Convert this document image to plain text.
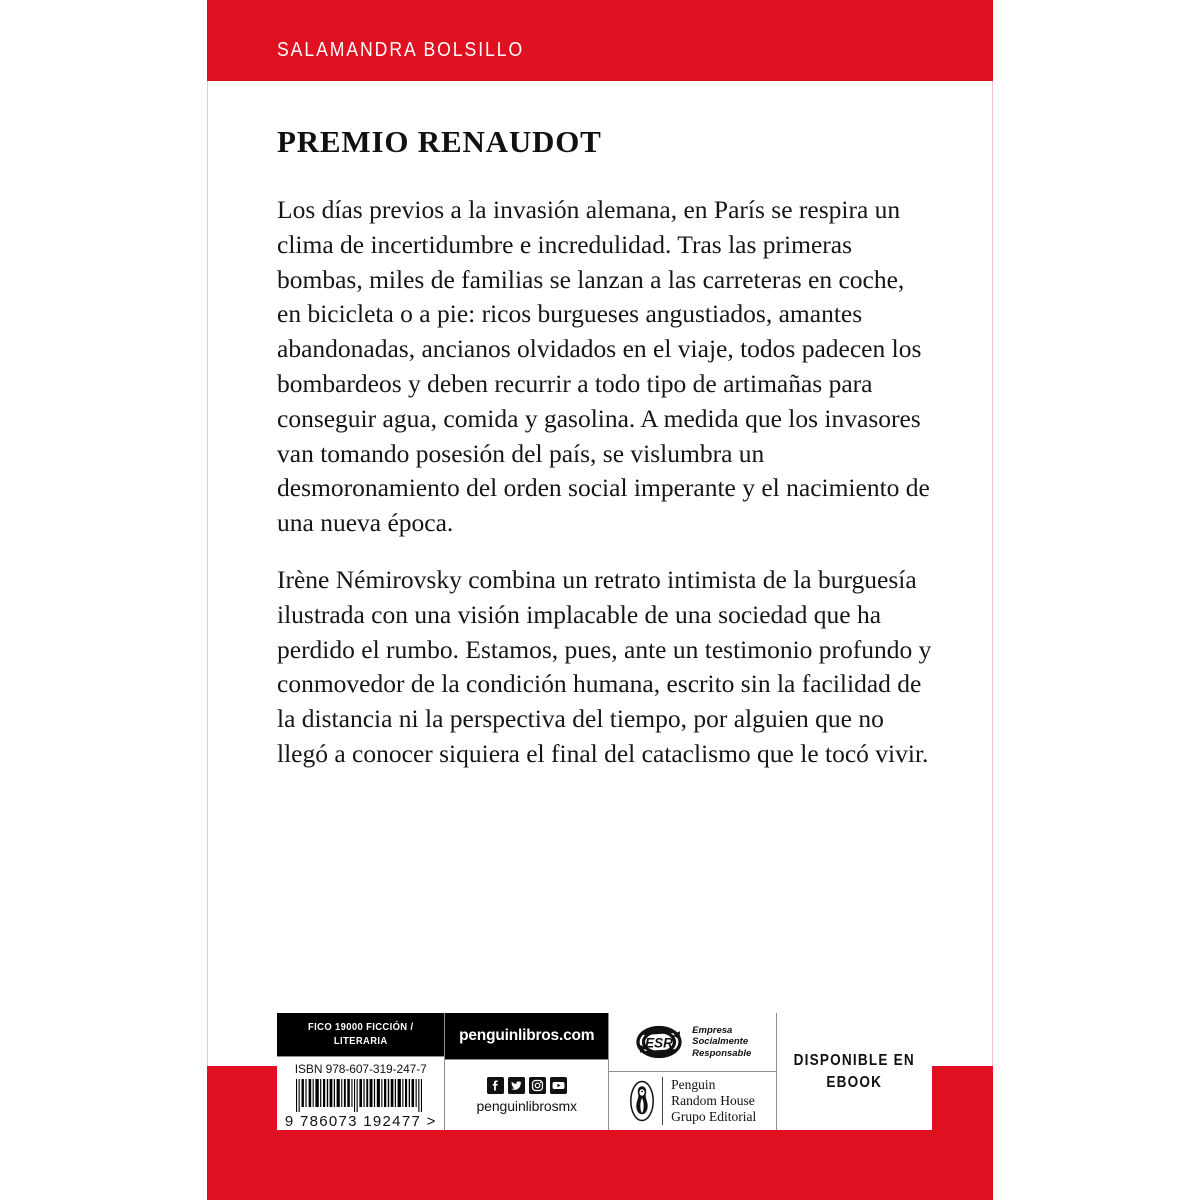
SALAMANDRA BOLSILLO
PREMIO RENAUDOT

Los días previos a la invasión alemana, en París se respira un clima de incertidumbre e incredulidad. Tras las primeras bombas, miles de familias se lanzan a las carreteras en coche, en bicicleta o a pie: ricos burgueses angustiados, amantes abandonadas, ancianos olvidados en el viaje, todos padecen los bombardeos y deben recurrir a todo tipo de artimañas para conseguir agua, comida y gasolina. A medida que los invasores van tomando posesión del país, se vislumbra un desmoronamiento del orden social imperante y el nacimiento de una nueva época.

Irène Némirovsky combina un retrato intimista de la burguesía ilustrada con una visión implacable de una sociedad que ha perdido el rumbo. Estamos, pues, ante un testimonio profundo y conmovedor de la condición humana, escrito sin la facilidad de la distancia ni la perspectiva del tiempo, por alguien que no llegó a conocer siquiera el final del cataclismo que le tocó vivir.

FICO 19000 FICCIÓN / LITERARIA
ISBN 978-607-319-247-7
9 786073 192477 >
penguinlibros.com
penguinlibrosmx
ESR
Empresa
Socialmente
Responsable
Penguin
Random House
Grupo Editorial
DISPONIBLE EN EBOOK
